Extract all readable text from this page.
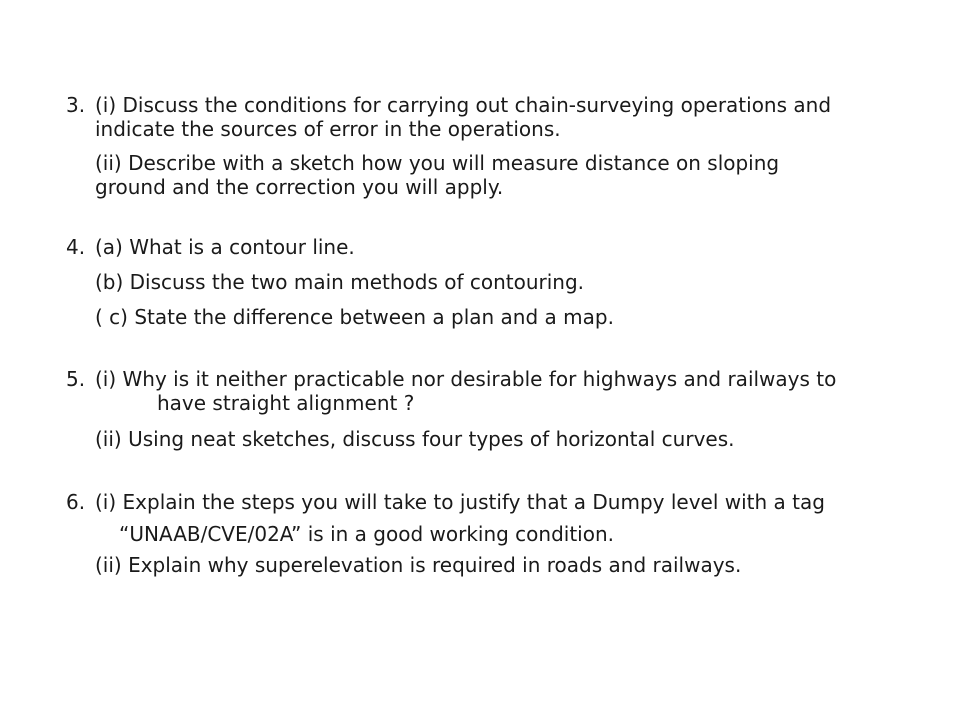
3. (i) Discuss the conditions for carrying out chain-surveying operations and
indicate the sources of error in the operations.
(ii) Describe with a sketch how you will measure distance on sloping
ground and the correction you will apply.
4. (a) What is a contour line.
(b) Discuss the two main methods of contouring.
( c) State the difference between a plan and a map.
5. (i) Why is it neither practicable nor desirable for highways and railways to
have straight alignment ?
(ii) Using neat sketches, discuss four types of horizontal curves.
6. (i) Explain the steps you will take to justify that a Dumpy level with a tag
“UNAAB/CVE/02A” is in a good working condition.
(ii) Explain why superelevation is required in roads and railways.
